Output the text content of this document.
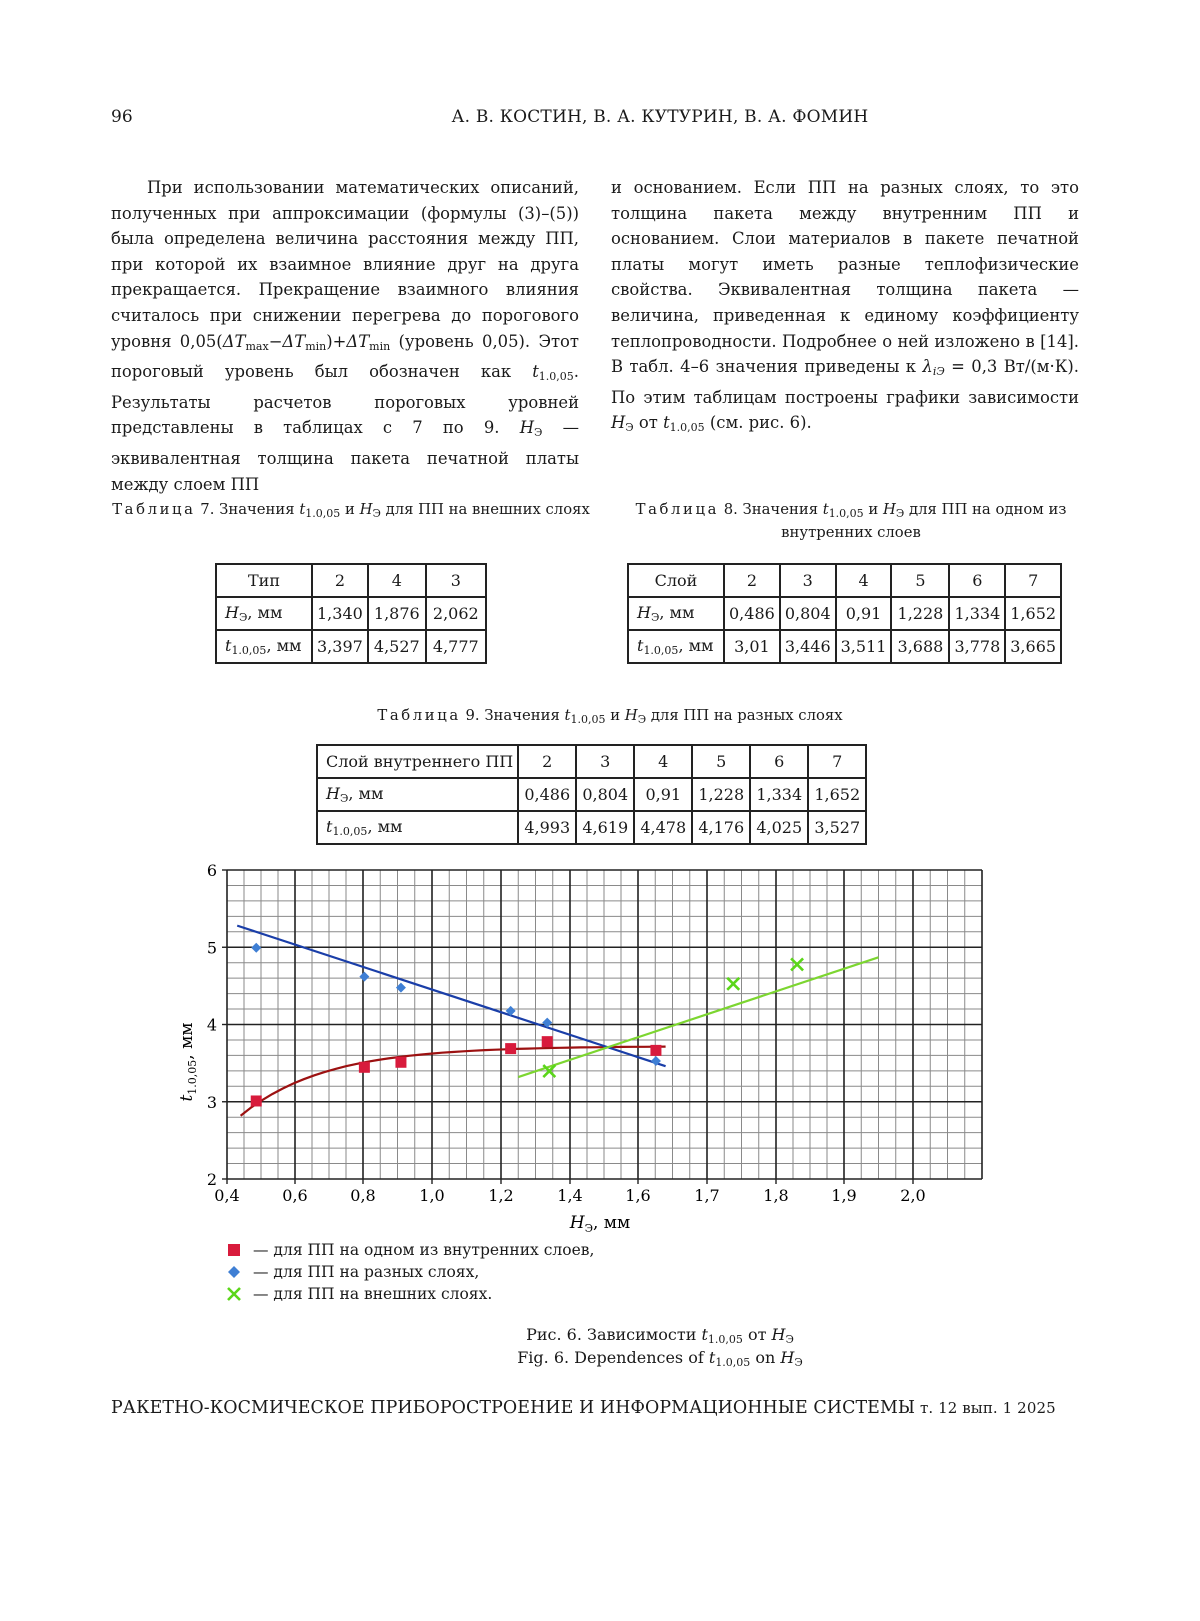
96	А. В. КОСТИН, В. А. КУТУРИН, В. А. ФОМИН

При использовании математических описаний, полученных при аппроксимации (формулы (3)–(5)) была определена величина расстояния между ПП, при которой их взаимное влияние друг на друга прекращается. Прекращение взаимного влияния считалось при снижении перегрева до порогового уровня $0,05(\Delta T_{max}-\Delta T_{min})+\Delta T_{min}$ (уровень 0,05). Этот пороговый уровень был обозначен как $t_{1.0,05}$. Результаты расчетов пороговых уровней представлены в таблицах с 7 по 9. $H_Э$ — эквивалентная толщина пакета печатной платы между слоем ПП

и основанием. Если ПП на разных слоях, то это толщина пакета между внутренним ПП и основанием. Слои материалов в пакете печатной платы могут иметь разные теплофизические свойства. Эквивалентная толщина пакета — величина, приведенная к единому коэффициенту теплопроводности. Подробнее о ней изложено в [14]. В табл. 4–6 значения приведены к $\lambda_{iЭ} = 0,3$ Вт/(м·К). По этим таблицам построены графики зависимости $H_Э$ от $t_{1.0,05}$ (см. рис. 6).

Таблица 7. Значения $t_{1.0,05}$ и $H_Э$ для ПП на внешних слоях	Таблица 8. Значения $t_{1.0,05}$ и $H_Э$ для ПП на одном из внутренних слоев
Тип	2	4	3
$H_Э$, мм	1,340	1,876	2,062
$t_{1.0,05}$, мм	3,397	4,527	4,777
Слой	2	3	4	5	6	7
$H_Э$, мм	0,486	0,804	0,91	1,228	1,334	1,652
$t_{1.0,05}$, мм	3,01	3,446	3,511	3,688	3,778	3,665
Таблица 9. Значения $t_{1.0,05}$ и $H_Э$ для ПП на разных слоях
Слой внутреннего ПП	2	3	4	5	6	7
$H_Э$, мм	0,486	0,804	0,91	1,228	1,334	1,652
$t_{1.0,05}$, мм	4,993	4,619	4,478	4,176	4,025	3,527
0,4	0,6	0,8	1,0	1,2	1,4	1,6	1,7	1,8	1,9	2,0
2
3
4
5
6
$t_{1.0,05}$, мм
$H_Э$, мм
— для ПП на одном из внутренних слоев,
— для ПП на разных слоях,
— для ПП на внешних слоях.
Рис. 6. Зависимости $t_{1.0,05}$ от $H_Э$
Fig. 6. Dependences of $t_{1.0,05}$ on $H_Э$
РАКЕТНО-КОСМИЧЕСКОЕ ПРИБОРОСТРОЕНИЕ И ИНФОРМАЦИОННЫЕ СИСТЕМЫ т. 12 вып. 1 2025
